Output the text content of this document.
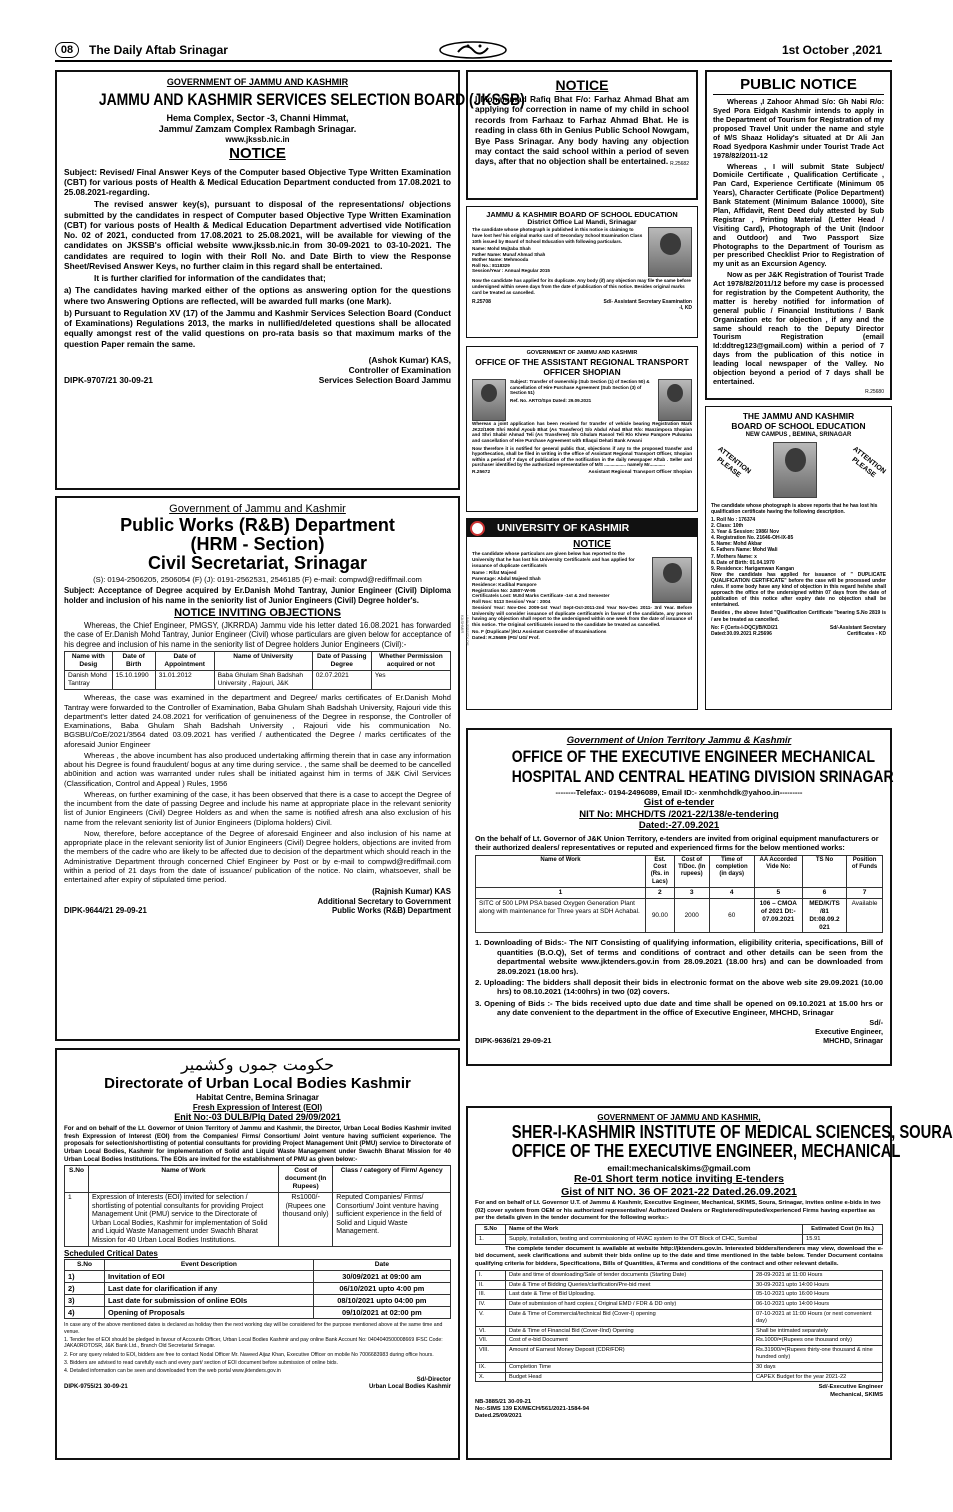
08	The Daily Aftab Srinagar	1st October ,2021
GOVERNMENT OF JAMMU AND KASHMIR
JAMMU AND KASHMIR SERVICES SELECTION BOARD (JKSSB)
Hema Complex, Sector -3, Channi Himmat,
Jammu/ Zamzam Complex Rambagh Srinagar.
www.jkssb.nic.in
NOTICE

Subject: Revised/ Final Answer Keys of the Computer based Objective Type Written Examination (CBT) for various posts of Health & Medical Education Department conducted from 17.08.2021 to 25.08.2021-regarding.

The revised answer key(s), pursuant to disposal of the representations/ objections submitted by the candidates in respect of Computer based Objective Type Written Examination (CBT) for various posts of Health & Medical Education Department advertised vide Notification No. 02 of 2021, conducted from 17.08.2021 to 25.08.2021, will be available for viewing of the candidates on JKSSB's official website www.jkssb.nic.in from 30-09-2021 to 03-10-2021. The candidates are required to login with their Roll No. and Date Birth to view the Response Sheet/Revised Answer Keys, no further claim in this regard shall be entertained.

It is further clarified for information of the candidates that;

a) The candidates having marked either of the options as answering option for the questions where two Answering Options are reflected, will be awarded full marks (one Mark).

b) Pursuant to Regulation XV (17) of the Jammu and Kashmir Services Selection Board (Conduct of Examinations) Regulations 2013, the marks in nullified/deleted questions shall be allocated equally amongst rest of the valid questions on pro-rata basis so that maximum marks of the question Paper remain the same.

(Ashok Kumar) KAS,
Controller of Examination
DIPK-9707/21 30-09-21	Services Selection Board Jammu
Government of Jammu and Kashmir
Public Works (R&B) Department
(HRM - Section)
Civil Secretariat, Srinagar
(S): 0194-2506205, 2506054 (F) (J): 0191-2562531, 2546185 (F) e-mail: compwd@rediffmail.com

Subject: Acceptance of Degree acquired by Er.Danish Mohd Tantray, Junior Engineer (Civil) Diploma holder and inclusion of his name in the seniority list of Junior Engineers (Civil) Degree holder's.

NOTICE INVITING OBJECTIONS

Whereas, the Chief Engineer, PMGSY, (JKRRDA) Jammu vide his letter dated 16.08.2021 has forwarded the case of Er.Danish Mohd Tantray, Junior Engineer (Civil) whose particulars are given below for acceptance of his degree and inclusion of his name in the seniority list of Degree holders Junior Engineers (Civil):-

Name with Desig	Date of Birth	Date of Appointment	Name of University	Date of Passing Degree	Whether Permission acquired or not
Danish Mohd Tantray	15.10.1990	31.01.2012	Baba Ghulam Shah Badshah University , Rajouri, J&K	02.07.2021	Yes

Whereas, the case was examined in the department and Degree/ marks certificates of Er.Danish Mohd Tantray were forwarded to the Controller of Examination, Baba Ghulam Shah Badshah University, Rajouri vide this department's letter dated 24.08.2021 for verification of genuineness of the Degree in response, the Controller of Examinations, Baba Ghulam Shah Badshah University , Rajouri vide his communication No. BGSBU/CoE/2021/3564 dated 03.09.2021 has verified / authenticated the Degree / marks certificates of the aforesaid Junior Engineer

Whereas , the above incumbent has also produced undertaking affirming therein that in case any information about his Degree is found fraudulent/ bogus at any time during service. , the same shall be deemed to be cancelled ab0inition and action was warranted under rules shall be initiated against him in terms of J&K Civil Services (Classification, Control and Appeal ) Rules, 1956

Whereas, on further examining of the case, it has been observed that there is a case to accept the Degree of the incumbent from the date of passing Degree and include his name at appropriate place in the relevant seniority list of Junior Engineers (Civil) Degree Holders as and when the same is notified afresh ana also exclusion of his name from the relevant seniority list of Junior Engineers (Diploma holders) Civil.

Now, therefore, before acceptance of the Degree of aforesaid Engineer and also inclusion of his name at appropriate place in the relevant seniority list of Junior Engineers (Civil) Degree holders, objections are invited from the members of the cadre who are likely to be affected due to decision of the department which should reach in the Administrative Department through concerned Chief Engineer by Post or by e-mail to compwd@rediffmail.com within a period of 21 days from the date of issuance/ publication of the notice. No claim, whatsoever, shall be entertained after expiry of stipulated time period.

(Rajnish Kumar) KAS
Additional Secretary to Government
DIPK-9644/21 29-09-21	Public Works (R&B) Department
حکومت جموں وکشمیر
Directorate of Urban Local Bodies Kashmir
Habitat Centre, Bemina Srinagar
Fresh Expression of Interest (EOI)
Enit No:-03 DULB/Plg Dated 29/09/2021

For and on behalf of the Lt. Governor of Union Territory of Jammu and Kashmir, the Director, Urban Local Bodies Kashmir invited fresh Expression of Interest (EOI) from the Companies/ Firms/ Consortium/ Joint venture having sufficient experience. The proposals for selection/shortlisting of potential consultants for providing Project Management Unit (PMU) service to Directorate of Urban Local Bodies, Kashmir for implementation of Solid and Liquid Waste Management under Swachh Bharat Mission for 40 Urban Local Bodies Institutions. The EOIs are invited for the establishment of PMU as given below:-

S.No	Name of Work	Cost of document (In Rupees)	Class / category of Firm/ Agency
1	Expression of Interests (EOI) invited for selection / shortlisting of potential consultants for providing Project Management Unit (PMU) service to the Directorate of Urban Local Bodies, Kashmir for implementation of Solid and Liquid Waste Management under Swachh Bharat Mission for 40 Urban Local Bodies Institutions.	Rs1000/- (Rupees one thousand only)	Reputed Companies/ Firms/ Consortium/ Joint venture having sufficient experience in the field of Solid and Liquid Waste Management.
Scheduled Critical Dates
S.No	Event Description	Date
1)	Invitation of EOI	30/09/2021 at 09:00 am
2)	Last date for clarification if any	06/10/2021 upto 4:00 pm
3)	Last date for submission of online EOIs	08/10/2021 upto 04:00 pm
4)	Opening of Proposals	09/10/2021 at 02:00 pm

In case any of the above mentioned dates is declared as holiday then the next working day will be considered for the purpose mentioned above at the same time and venue.

1. Tender fee of EOI should be pledged in favour of Accounts Officer, Urban Local Bodies Kashmir and pay online Bank Account No: 0404040500008669 IFSC Code: JAKA0ROTOSR, J&K Bank Ltd., Branch Old Secretariat Srinagar.

2. For any query related to EOI, bidders are free to contact Nodal Officer Mr. Naveed Aijaz Khan, Executive Officer on mobile No 7006683983 during office hours.

3. Bidders are advised to read carefully each and every part/ section of EOI document before submission of online bids.

4. Detailed information can be seen and downloaded from the web portal www.jktenders.gov.in

Sd/-Director
DIPK-9755/21 30-09-21	Urban Local Bodies Kashmir
NOTICE

I Mohammad Rafiq Bhat F/o: Farhaz Ahmad Bhat am applying for correction in name of my child in school records from Farhaaz to Farhaz Ahmad Bhat. He is reading in class 6th in Genius Public School Nowgam, Bye Pass Srinagar. Any body having any objection may contact the said school within a period of seven days, after that no objection shall be entertained. R.25682
JAMMU & KASHMIR BOARD OF SCHOOL EDUCATION
District Office Lal Mandi, Srinagar

The candidate whose photograph is published in this notice is claiming to have lost her/ his original marks card of Secondary School Examination Class 10th issued by Board of School Education with following particulars.

Name: Mohd Mujtaba Shah
Father Name: Munaf Ahmad Shah
Mother Name: Mehmooda
Roll No.: 8118329
Session/Year : Annual Regular 2015

Now the candidate has applied for its duplicate. Any body (if) any objection may file the same before undersigned within seven days from the date of publication of this notice. Besides original marks card be treated as cancelled.

R.25708	Sd/- Assistant Secretary Examination -I, KD
GOVERNMENT OF JAMMU AND KASHMIR
OFFICE OF THE ASSISTANT REGIONAL TRANSPORT OFFICER SHOPIAN

Subject: Transfer of ownership (Sub Section (1) of Section 50) & cancellation of Hire Purchase Agreement (Sub Section (3) of Section 51)

Ref. No. ARTO/Spn Dated: 29.09.2021

Whereas a joint application has been received for transfer of vehicle bearing Registration Mark JK22/1909 Shri Mohd Ayoub Bhat (As Transferor) S/o Abdul Ahad Bhat R/o: Manzimpora Shopian and Shri Shabir Ahmad Teli (As Transferee) S/o Ghulam Rasool Teli R/o Khrew Pampore Pulwama and cancellation of Hire Purchase Agreement with Ellaqui Dehati Bank Arwani

Now therefore it is notified for general public that, objections if any to the proposed transfer and hypothecation, shall be filed in writing in the office of Assistant Regional Transport Officer, Shopian within a period of 7 days of publication of the notification in the daily newspaper Aftab . Seller and purchaser identified by the authorized representative of M/S ................. namely Mr............

R.25672	Assistant Regional Transport Officer Shopian
UNIVERSITY OF KASHMIR
NOTICE

The candidate whose particulars are given below has reported to the University that he has lost his University Certificate/s and has applied for issuance of duplicate certificate/s

Name : Rifat Majeed
Parentage: Abdul Majeed Shah
Residence: Kadibal Pampore
Registration No: 24507-W-95
Certificate/s Lost: M.Ed Marks Certificate -1st & 2nd Semester
Roll Nos: 5113 Session/ Year : 2004

Session/ Year: Nov-Dec 2009-1st Year/ Sept-Oct-2011-2nd Year Nov-Dec 2011- 3rd Year. Before University will consider issuance of duplicate certificate/s in favour of the candidate, any person having any objection shall report to the undersigned within one week from the date of issuance of this notice. The Original certificate/s issued to the candidate be treated as cancelled.

No. F (Duplicate/ )/KU Assistant Controller of Examinations
Dated: R.25689 (PG/ UG/ Prof.
UNIVERSITY OF KASHMIR
PUBLIC NOTICE

Whereas ,I Zahoor Ahmad S/o: Gh Nabi R/o: Syed Pora Eidgah Kashmir intends to apply in the Department of Tourism for Registration of my proposed Travel Unit under the name and style of M/S Shaaz Holiday's situated at Dr Ali Jan Road Syedpora Kashmir under Tourist Trade Act 1978/82/2011-12

Whereas , I will submit State Subject/ Domicile Certificate , Qualification Certificate , Pan Card, Experience Certificate (Minimum 05 Years), Character Certificate (Police Department) Bank Statement (Minimum Balance 10000), Site Plan, Affidavit, Rent Deed duly attested by Sub Registrar , Printing Material (Letter Head / Visiting Card), Photograph of the Unit (Indoor and Outdoor) and Two Passport Size Photographs to the Department of Tourism as per prescribed Checklist Prior to Registration of my unit as an Excursion Agency.

Now as per J&K Registration of Tourist Trade Act 1978/82/2011/12 before my case is processed for registration by the Competent Authority, the matter is hereby notified for information of general public / Financial Institutions / Bank Organization etc for objection , if any and the same should reach to the Deputy Director Tourism Registration (email Id:ddtreg123@gmail.com) within a period of 7 days from the publication of this notice in leading local newspaper of the Valley. No objection beyond a period of 7 days shall be entertained.

R.25680
THE JAMMU AND KASHMIR
BOARD OF SCHOOL EDUCATION
NEW CAMPUS , BEMINA, SRINAGAR
ATTENTION PLEASE	ATTENTION PLEASE

The candidate whose photograph is above reports that he has lost his qualification certificate having the following description.

1. Roll No : 176374
2. Class: 10th
3. Year & Session: 1986/ Nov
4. Registration No. 21646-OH-IX-85
5. Name: Mohd Akbar
6. Fathers Name: Mohd Wali
7. Mothers Name: x
8. Date of Birth: 01.04.1970
9. Residence: Harigamwan Kangan

Now the candidate has applied for issuance of " DUPLICATE QUALIFICATION CERTIFICATE" before the case will be processed under rules. if some body have any kind of objection in this regard he/she shall approach the office of the undersigned within 07 days from the date of publication of this notice after expiry date no objection shall be entertained.

Besides , the above listed "Qualification Certificate "bearing S.No 2819 is / are be treated as cancelled.

No: F (Certs-I-DQC)/B/KD/21	Sd/-Assistant Secretary
Dated:30.09.2021 R.25696	Certificates - KD
Government of Union Territory Jammu & Kashmir
OFFICE OF THE EXECUTIVE ENGINEER MECHANICAL
HOSPITAL AND CENTRAL HEATING DIVISION SRINAGAR
--------Telefax:- 0194-2496089, Email ID:- xenmhchdk@yahoo.in---------
Gist of e-tender
NIT No: MHCHD/TS /2021-22/138/e-tendering
Dated:-27.09.2021

On the behalf of Lt. Governor of J&K Union Territory, e-tenders are invited from original equipment manufacturers or their authorized dealers/ representatives or reputed and experienced firms for the below mentioned works:

Name of Work	Est. Cost (Rs. in Lacs)	Cost of T/Doc. (In rupees)	Time of completion (in days)	AA Accorded Vide No:	TS No	Position of Funds
1	2	3	4	5	6	7
SITC of 500 LPM PSA based Oxygen Generation Plant along with maintenance for Three years at SDH Achabal.	90.00	2000	60	106 – CMOA of 2021 Dt:- 07.09.2021	MED/K/TS /81 Dt:08.09.2 021	Available

1. Downloading of Bids:- The NIT Consisting of qualifying information, eligibility criteria, specifications, Bill of quantities (B.O.Q), Set of terms and conditions of contract and other details can be seen from the departmental website www.jktenders.gov.in from 28.09.2021 (18.00 hrs) and can be downloaded from 28.09.2021 (18.00 hrs).

2. Uploading: The bidders shall deposit their bids in electronic format on the above web site 29.09.2021 (10.00 hrs) to 08.10.2021 (14:00hrs) in two (02) covers.

3. Opening of Bids :- The bids received upto due date and time shall be opened on 09.10.2021 at 15.00 hrs or any date convenient to the department in the office of Executive Engineer, MHCHD, Srinagar

Sd/-
Executive Engineer,
DIPK-9636/21 29-09-21	MHCHD, Srinagar
GOVERNMENT OF JAMMU AND KASHMIR,
SHER-I-KASHMIR INSTITUTE OF MEDICAL SCIENCES, SOURA
OFFICE OF THE EXECUTIVE ENGINEER, MECHANICAL
email:mechanicalskims@gmail.com
Re-01 Short term notice inviting E-tenders
Gist of NIT NO. 36 OF 2021-22 Dated.26.09.2021

For and on behalf of Lt. Governor U.T. of Jammu & Kashmir, Executive Engineer, Mechanical, SKIMS, Soura, Srinagar, invites online e-bids in two (02) cover system from OEM or his authorized representative/ Authorized Dealers or Registered/reputed/experienced Firms having expertise as per the details given in the tender document for the following works:-

S.No	Name of the Work	Estimated Cost (in lts.)
1.	Supply, installation, testing and commissioning of HVAC system to the OT Block of CHC, Sumbal	15.91

The complete tender document is available at website http://jktenders.gov.in. Interested bidders/tenderers may view, download the e-bid document, seek clarifications and submit their bids online up to the date and time mentioned in the table below. Tender Document contains qualifying criteria for bidders, Specifications, Bills of Quantities, &Terms and conditions of the contract and other relevant details.

I.	Date and time of downloading/Sale of tender documents (Starting Date)	28-09-2021 at 11:00 Hours
II.	Date & Time of Bidding Queries/clarification/Pre-bid meet	30-09-2021 upto 14:00 Hours
III.	Last date & Time of Bid Uploading.	05-10-2021 upto 16:00 Hours
IV.	Date of submission of hard copies.( Original EMD / FDR & DD only)	06-10-2021 upto 14:00 Hours
V.	Date & Time of Commercial/technical Bid (Cover-I) opening	07-10-2021 at 11:00 Hours (or next convenient day)
VI.	Date & Time of Financial Bid (Cover-IInd) Opening	Shall be intimated separately
VII.	Cost of e-bid Document	Rs.1000/=(Rupees one thousand only)
VIII.	Amount of Earnest Money Deposit (CDR/FDR)	Rs.31900/=(Rupees thirty-one thousand & nine hundred only)
IX.	Completion Time	30 days
X.	Budget Head	CAPEX Budget for the year 2021-22
Sd/-Executive Engineer
Mechanical, SKIMS
NB-3885/21 30-09-21
No:-SIMS 139 EX/MECH/561/2021-1584-94
Dated.25/09/2021
